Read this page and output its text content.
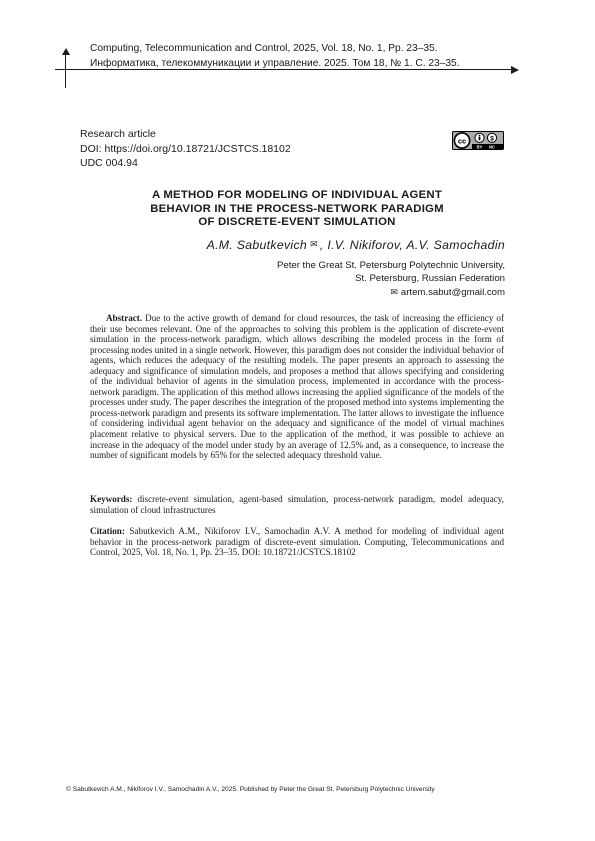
Computing, Telecommunication and Control, 2025, Vol. 18, No. 1, Pp. 23–35.
Информатика, телекоммуникации и управление. 2025. Том 18, № 1. С. 23–35.
Research article
DOI: https://doi.org/10.18721/JCSTCS.18102
UDC 004.94
cc	$
BY NC
A METHOD FOR MODELING OF INDIVIDUAL AGENT
BEHAVIOR IN THE PROCESS-NETWORK PARADIGM
OF DISCRETE-EVENT SIMULATION
A.M. Sabutkevich ✉ , I.V. Nikiforov, A.V. Samochadin
Peter the Great St. Petersburg Polytechnic University,
St. Petersburg, Russian Federation
✉ artem.sabut@gmail.com
Abstract. Due to the active growth of demand for cloud resources, the task of increasing the efficiency of their use becomes relevant. One of the approaches to solving this problem is the application of discrete-event simulation in the process-network paradigm, which allows describing the modeled process in the form of processing nodes united in a single network. However, this paradigm does not consider the individual behavior of agents, which reduces the adequacy of the resulting models. The paper presents an approach to assessing the adequacy and significance of simulation models, and proposes a method that allows specifying and considering of the individual behavior of agents in the simulation process, implemented in accordance with the process-network paradigm. The application of this method allows increasing the applied significance of the models of the processes under study. The paper describes the integration of the proposed method into systems implementing the process-network paradigm and presents its software implementation. The latter allows to investigate the influence of considering individual agent behavior on the adequacy and significance of the model of virtual machines placement relative to physical servers. Due to the application of the method, it was possible to achieve an increase in the adequacy of the model under study by an average of 12.5% and, as a consequence, to increase the number of significant models by 65% for the selected adequacy threshold value.
Keywords: discrete-event simulation, agent-based simulation, process-network paradigm, model adequacy, simulation of cloud infrastructures
Citation: Sabutkevich A.M., Nikiforov I.V., Samochadin A.V. A method for modeling of individual agent behavior in the process-network paradigm of discrete-event simulation. Computing, Telecommunications and Control, 2025, Vol. 18, No. 1, Pp. 23–35. DOI: 10.18721/JCSTCS.18102
© Sabutkevich A.M., Nikiforov I.V., Samochadin A.V., 2025. Published by Peter the Great St. Petersburg Polytechnic University
